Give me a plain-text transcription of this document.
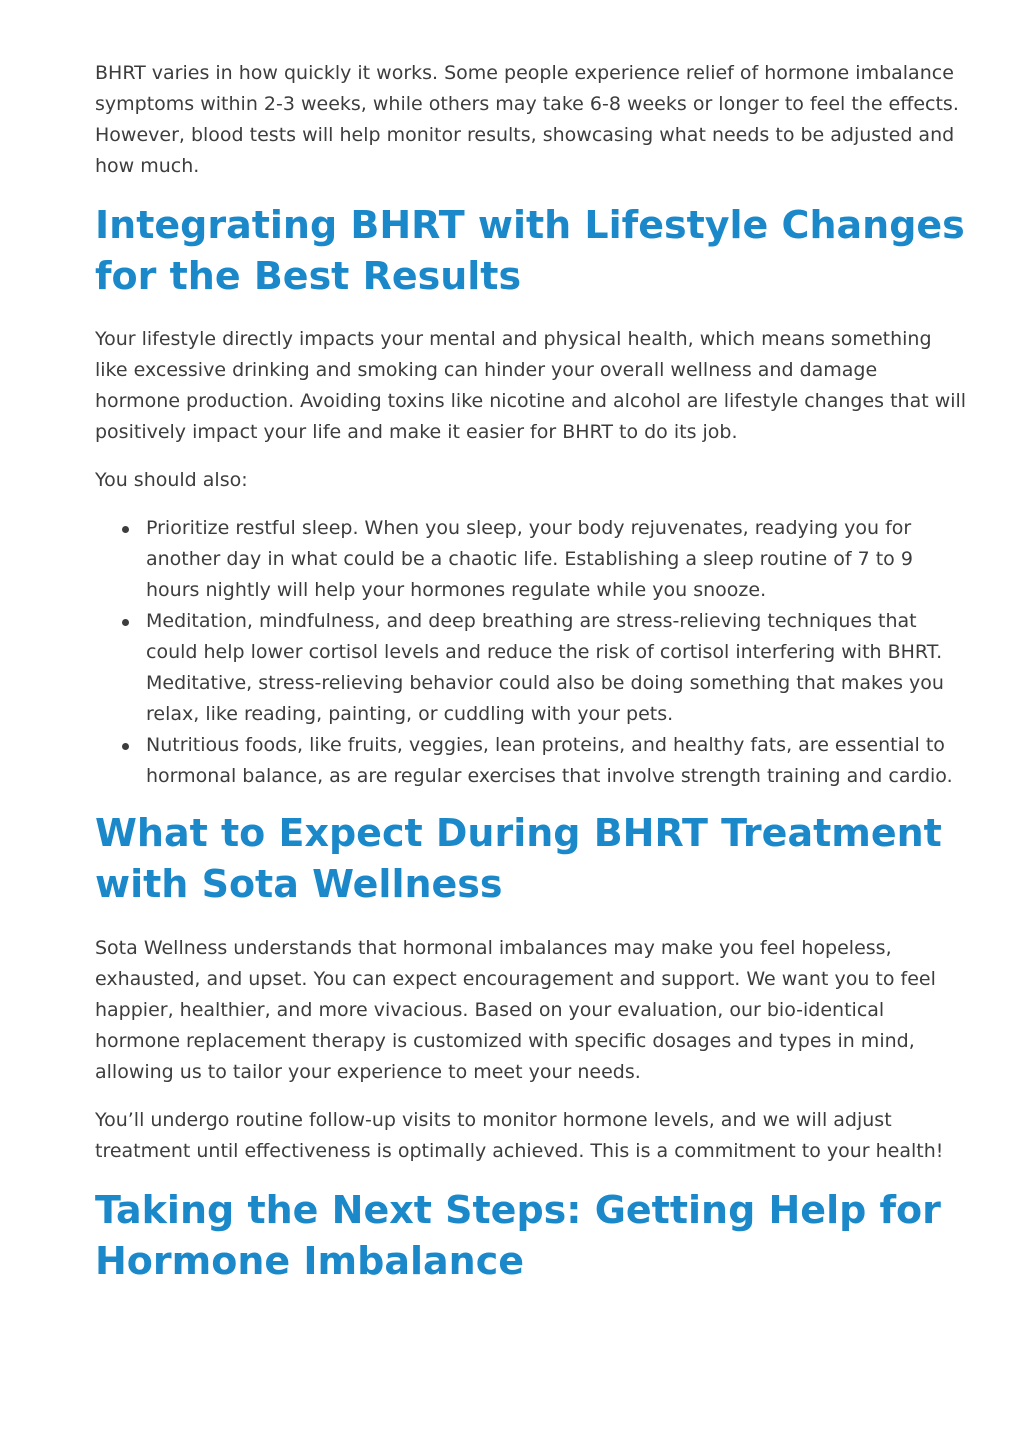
BHRT varies in how quickly it works. Some people experience relief of hormone imbalance symptoms within 2-3 weeks, while others may take 6-8 weeks or longer to feel the effects. However, blood tests will help monitor results, showcasing what needs to be adjusted and how much.

Integrating BHRT with Lifestyle Changes for the Best Results

Your lifestyle directly impacts your mental and physical health, which means something like excessive drinking and smoking can hinder your overall wellness and damage hormone production. Avoiding toxins like nicotine and alcohol are lifestyle changes that will positively impact your life and make it easier for BHRT to do its job.

You should also:

Prioritize restful sleep. When you sleep, your body rejuvenates, readying you for another day in what could be a chaotic life. Establishing a sleep routine of 7 to 9 hours nightly will help your hormones regulate while you snooze.
Meditation, mindfulness, and deep breathing are stress-relieving techniques that could help lower cortisol levels and reduce the risk of cortisol interfering with BHRT. Meditative, stress-relieving behavior could also be doing something that makes you relax, like reading, painting, or cuddling with your pets.
Nutritious foods, like fruits, veggies, lean proteins, and healthy fats, are essential to hormonal balance, as are regular exercises that involve strength training and cardio.
What to Expect During BHRT Treatment with Sota Wellness

Sota Wellness understands that hormonal imbalances may make you feel hopeless, exhausted, and upset. You can expect encouragement and support. We want you to feel happier, healthier, and more vivacious. Based on your evaluation, our bio-identical hormone replacement therapy is customized with specific dosages and types in mind, allowing us to tailor your experience to meet your needs.

You’ll undergo routine follow-up visits to monitor hormone levels, and we will adjust treatment until effectiveness is optimally achieved. This is a commitment to your health!

Taking the Next Steps: Getting Help for Hormone Imbalance
